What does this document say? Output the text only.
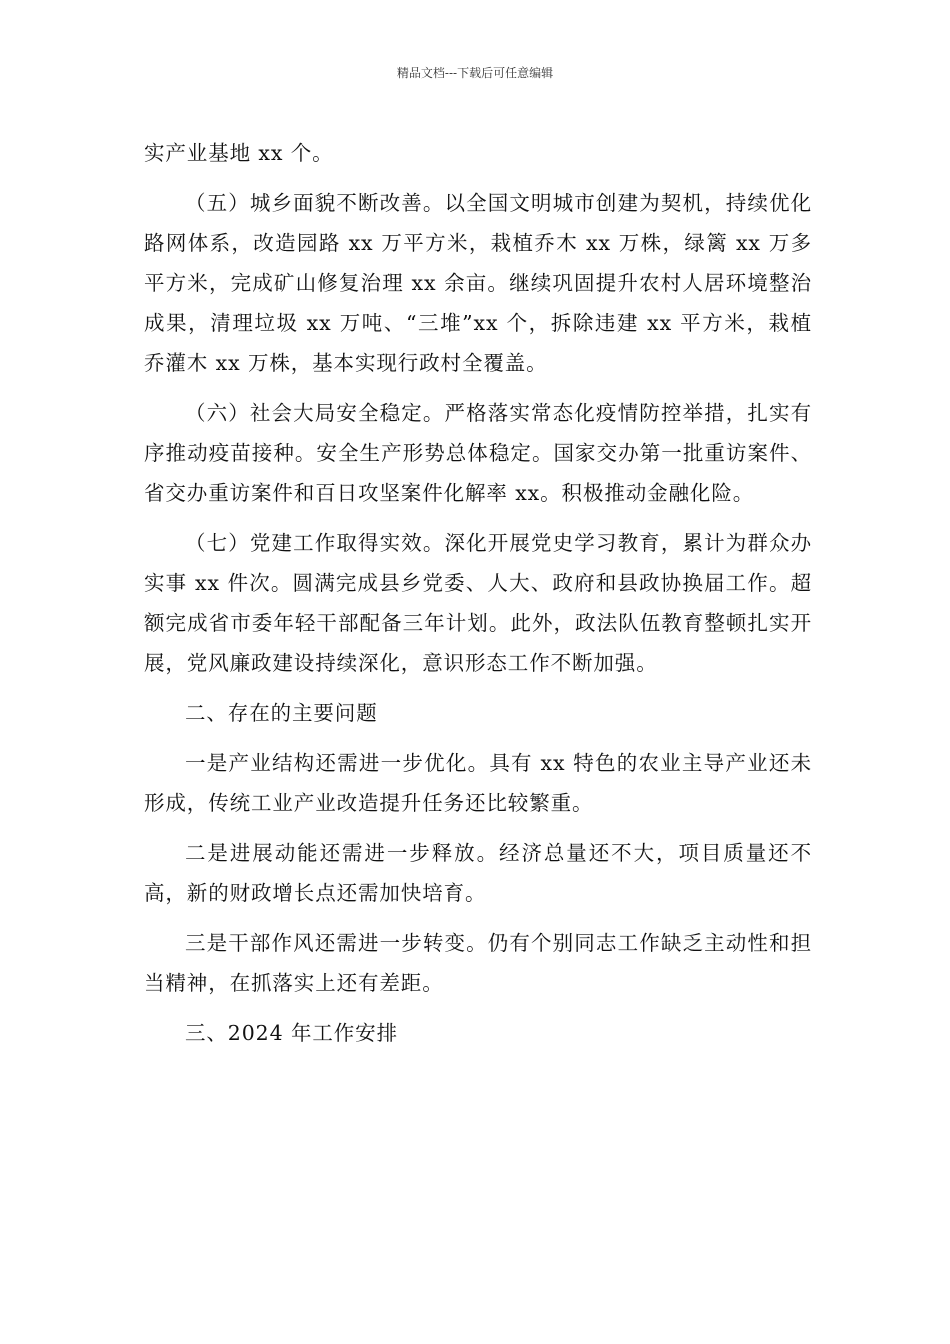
精品文档---下载后可任意编辑

实产业基地 xx 个。

（五）城乡面貌不断改善。以全国文明城市创建为契机，持续优化路网体系，改造园路 xx 万平方米，栽植乔木 xx 万株，绿篱 xx 万多平方米，完成矿山修复治理 xx 余亩。继续巩固提升农村人居环境整治成果，清理垃圾 xx 万吨、“三堆”xx 个，拆除违建 xx 平方米，栽植乔灌木 xx 万株，基本实现行政村全覆盖。

（六）社会大局安全稳定。严格落实常态化疫情防控举措，扎实有序推动疫苗接种。安全生产形势总体稳定。国家交办第一批重访案件、省交办重访案件和百日攻坚案件化解率 xx。积极推动金融化险。

（七）党建工作取得实效。深化开展党史学习教育，累计为群众办实事 xx 件次。圆满完成县乡党委、人大、政府和县政协换届工作。超额完成省市委年轻干部配备三年计划。此外，政法队伍教育整顿扎实开展，党风廉政建设持续深化，意识形态工作不断加强。

二、存在的主要问题

一是产业结构还需进一步优化。具有 xx 特色的农业主导产业还未形成，传统工业产业改造提升任务还比较繁重。

二是进展动能还需进一步释放。经济总量还不大，项目质量还不高，新的财政增长点还需加快培育。

三是干部作风还需进一步转变。仍有个别同志工作缺乏主动性和担当精神，在抓落实上还有差距。

三、2024 年工作安排
